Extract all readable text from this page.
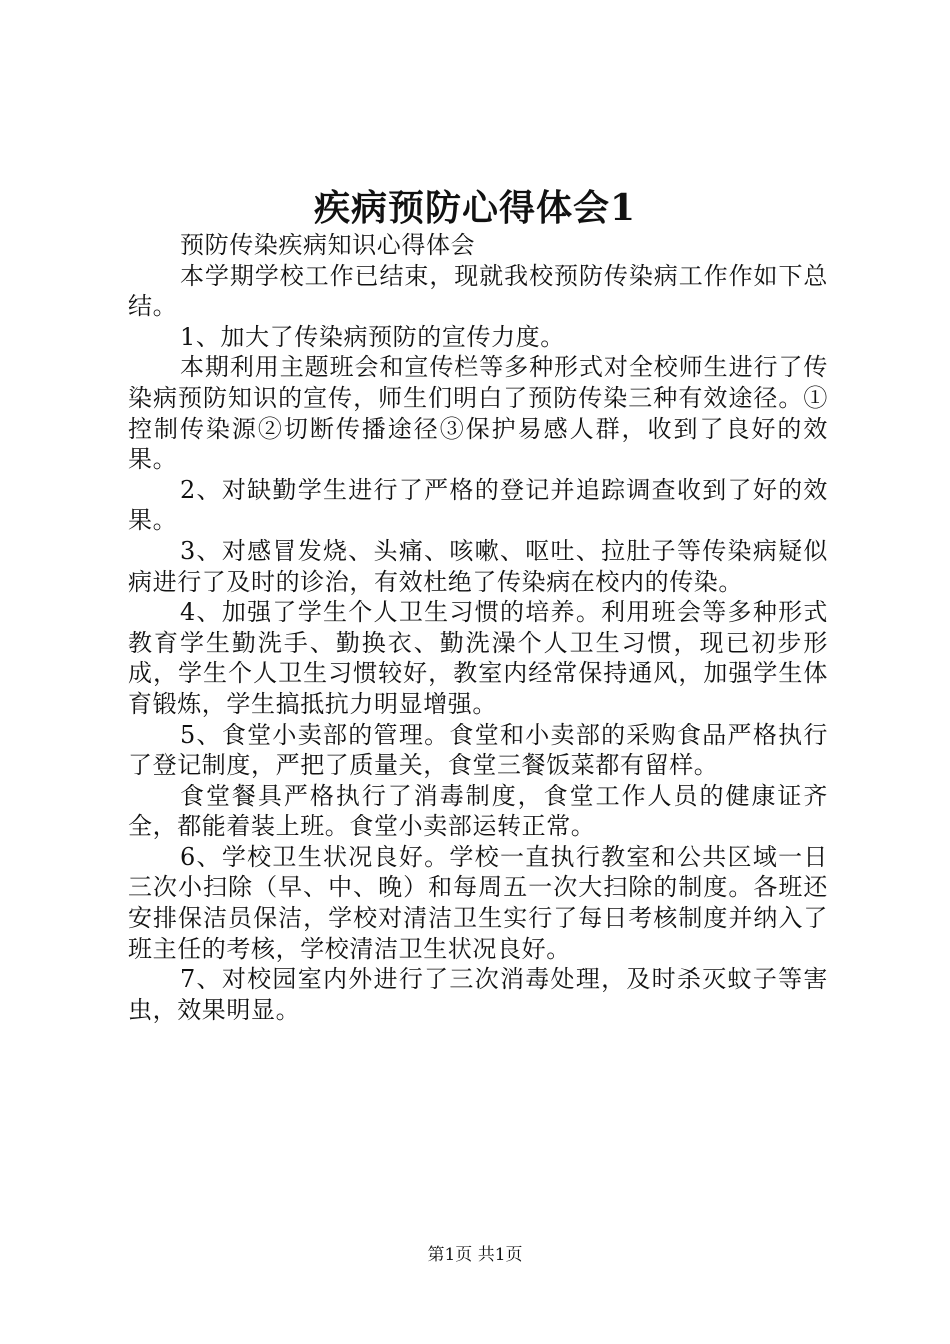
疾病预防心得体会1

预防传染疾病知识心得体会

本学期学校工作已结束，现就我校预防传染病工作作如下总结。

1、加大了传染病预防的宣传力度。

本期利用主题班会和宣传栏等多种形式对全校师生进行了传染病预防知识的宣传，师生们明白了预防传染三种有效途径。①控制传染源②切断传播途径③保护易感人群，收到了良好的效果。

2、对缺勤学生进行了严格的登记并追踪调查收到了好的效果。

3、对感冒发烧、头痛、咳嗽、呕吐、拉肚子等传染病疑似病进行了及时的诊治，有效杜绝了传染病在校内的传染。

4、加强了学生个人卫生习惯的培养。利用班会等多种形式教育学生勤洗手、勤换衣、勤洗澡个人卫生习惯，现已初步形成，学生个人卫生习惯较好，教室内经常保持通风，加强学生体育锻炼，学生搞抵抗力明显增强。

5、食堂小卖部的管理。食堂和小卖部的采购食品严格执行了登记制度，严把了质量关，食堂三餐饭菜都有留样。

食堂餐具严格执行了消毒制度，食堂工作人员的健康证齐全，都能着装上班。食堂小卖部运转正常。

6、学校卫生状况良好。学校一直执行教室和公共区域一日三次小扫除（早、中、晚）和每周五一次大扫除的制度。各班还安排保洁员保洁，学校对清洁卫生实行了每日考核制度并纳入了班主任的考核，学校清洁卫生状况良好。

7、对校园室内外进行了三次消毒处理，及时杀灭蚊子等害虫，效果明显。

第1页 共1页
